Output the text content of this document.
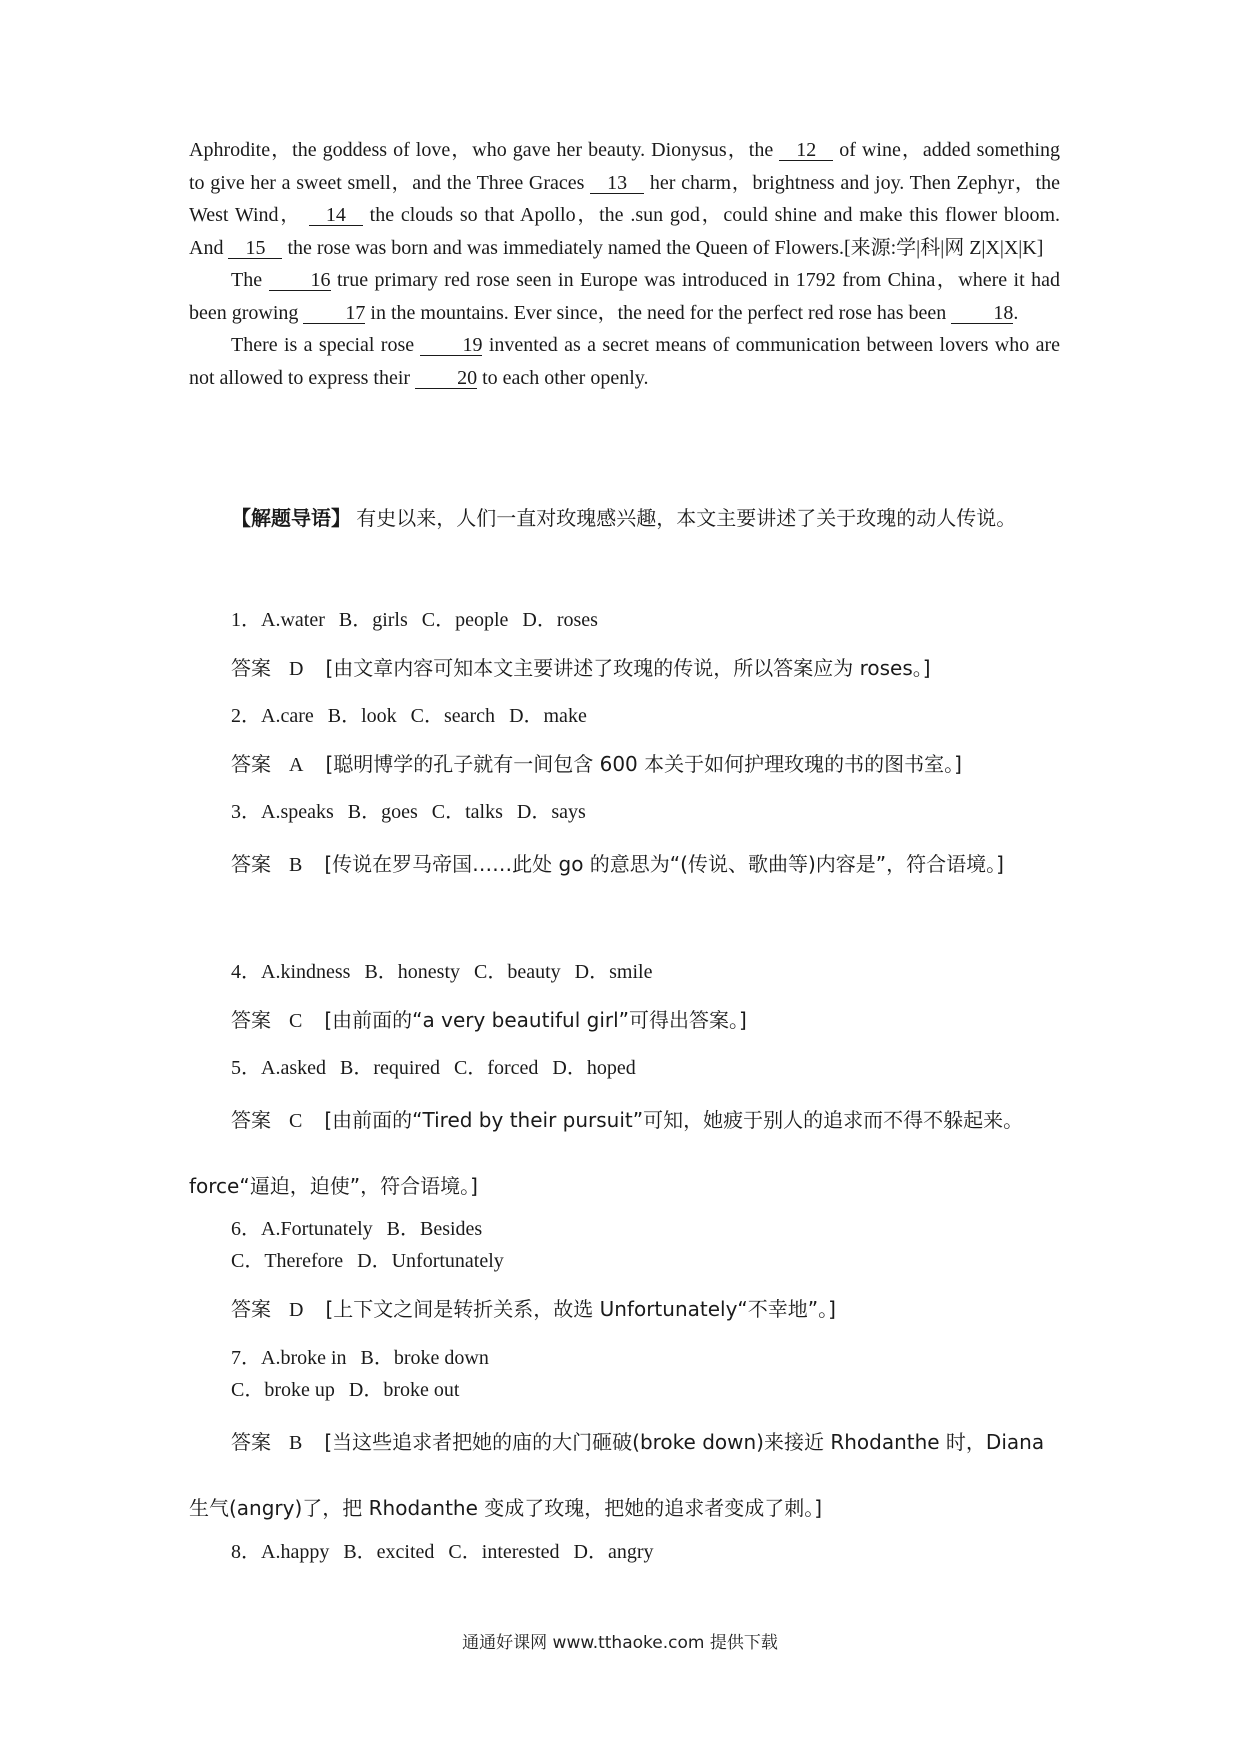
Aphrodite，the goddess of love，who gave her beauty. Dionysus，the 12 of wine，added something to give her a sweet smell，and the Three Graces 13 her charm，brightness and joy. Then Zephyr，the West Wind， 14 the clouds so that Apollo，the .sun god，could shine and make this flower bloom. And 15 the rose was born and was immediately named the Queen of Flowers.[来源:学|科|网 Z|X|X|K]

The 16 true primary red rose seen in Europe was introduced in 1792 from China，where it had been growing 17 in the mountains. Ever since，the need for the perfect red rose has been 18.

There is a special rose 19 invented as a secret means of communication between lovers who are not allowed to express their 20 to each other openly.

【解题导语】 有史以来，人们一直对玫瑰感兴趣，本文主要讲述了关于玫瑰的动人传说。
1．A.water B．girls C．people D．roses
答案 D [由文章内容可知本文主要讲述了玫瑰的传说，所以答案应为 roses。]
2．A.care B．look C．search D．make
答案 A [聪明博学的孔子就有一间包含 600 本关于如何护理玫瑰的书的图书室。]
3．A.speaks B．goes C．talks D．says
答案 B [传说在罗马帝国……此处 go 的意思为“(传说、歌曲等)内容是”，符合语境。]
4．A.kindness B．honesty C．beauty D．smile
答案 C [由前面的“a very beautiful girl”可得出答案。]
5．A.asked B．required C．forced D．hoped
答案 C [由前面的“Tired by their pursuit”可知，她疲于别人的追求而不得不躲起来。force“逼迫，迫使”，符合语境。]
6．A.Fortunately B．Besides
C．Therefore D．Unfortunately
答案 D [上下文之间是转折关系，故选 Unfortunately“不幸地”。]
7．A.broke in B．broke down
C．broke up D．broke out
答案 B [当这些追求者把她的庙的大门砸破(broke down)来接近 Rhodanthe 时，Diana 生气(angry)了，把 Rhodanthe 变成了玫瑰，把她的追求者变成了刺。]
8．A.happy B．excited C．interested D．angry
通通好课网 www.tthaoke.com 提供下载
